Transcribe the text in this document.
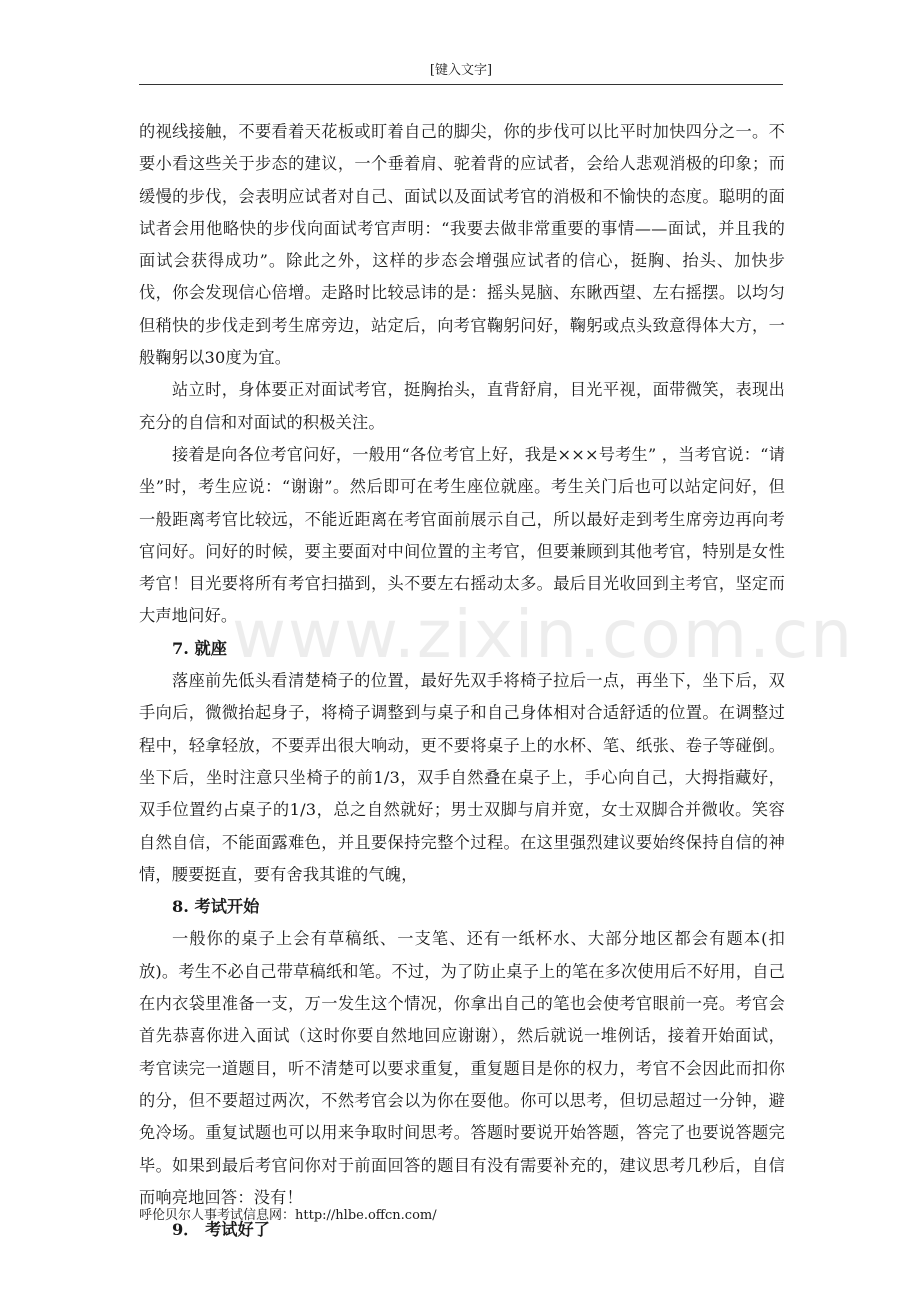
[键入文字]
www.zixin.com.cn

的视线接触，不要看着天花板或盯着自己的脚尖，你的步伐可以比平时加快四分之一。不要小看这些关于步态的建议，一个垂着肩、驼着背的应试者，会给人悲观消极的印象；而缓慢的步伐，会表明应试者对自己、面试以及面试考官的消极和不愉快的态度。聪明的面试者会用他略快的步伐向面试考官声明：“我要去做非常重要的事情——面试，并且我的面试会获得成功”。除此之外，这样的步态会增强应试者的信心，挺胸、抬头、加快步伐，你会发现信心倍增。走路时比较忌讳的是：摇头晃脑、东瞅西望、左右摇摆。以均匀但稍快的步伐走到考生席旁边，站定后，向考官鞠躬问好，鞠躬或点头致意得体大方，一般鞠躬以30度为宜。

站立时，身体要正对面试考官，挺胸抬头，直背舒肩，目光平视，面带微笑，表现出充分的自信和对面试的积极关注。

接着是向各位考官问好，一般用“各位考官上好，我是×××号考生” ，当考官说：“请坐”时，考生应说：“谢谢”。然后即可在考生座位就座。考生关门后也可以站定问好，但一般距离考官比较远，不能近距离在考官面前展示自己，所以最好走到考生席旁边再向考官问好。问好的时候，要主要面对中间位置的主考官，但要兼顾到其他考官，特别是女性考官！目光要将所有考官扫描到，头不要左右摇动太多。最后目光收回到主考官，坚定而大声地问好。

7. 就座

落座前先低头看清楚椅子的位置，最好先双手将椅子拉后一点，再坐下，坐下后，双手向后，微微抬起身子，将椅子调整到与桌子和自己身体相对合适舒适的位置。在调整过程中，轻拿轻放，不要弄出很大响动，更不要将桌子上的水杯、笔、纸张、卷子等碰倒。坐下后，坐时注意只坐椅子的前1/3，双手自然叠在桌子上，手心向自己，大拇指藏好，双手位置约占桌子的1/3，总之自然就好；男士双脚与肩并宽，女士双脚合并微收。笑容自然自信，不能面露难色，并且要保持完整个过程。在这里强烈建议要始终保持自信的神情，腰要挺直，要有舍我其谁的气魄，

8. 考试开始

一般你的桌子上会有草稿纸、一支笔、还有一纸杯水、大部分地区都会有题本(扣放)。考生不必自己带草稿纸和笔。不过，为了防止桌子上的笔在多次使用后不好用，自己在内衣袋里准备一支，万一发生这个情况，你拿出自己的笔也会使考官眼前一亮。考官会首先恭喜你进入面试（这时你要自然地回应谢谢），然后就说一堆例话，接着开始面试，考官读完一道题目，听不清楚可以要求重复，重复题目是你的权力，考官不会因此而扣你的分，但不要超过两次，不然考官会以为你在耍他。你可以思考，但切忌超过一分钟，避免冷场。重复试题也可以用来争取时间思考。答题时要说开始答题，答完了也要说答题完毕。如果到最后考官问你对于前面回答的题目有没有需要补充的，建议思考几秒后，自信而响亮地回答：没有！

9． 考试好了
呼伦贝尔人事考试信息网：http://hlbe.offcn.com/
